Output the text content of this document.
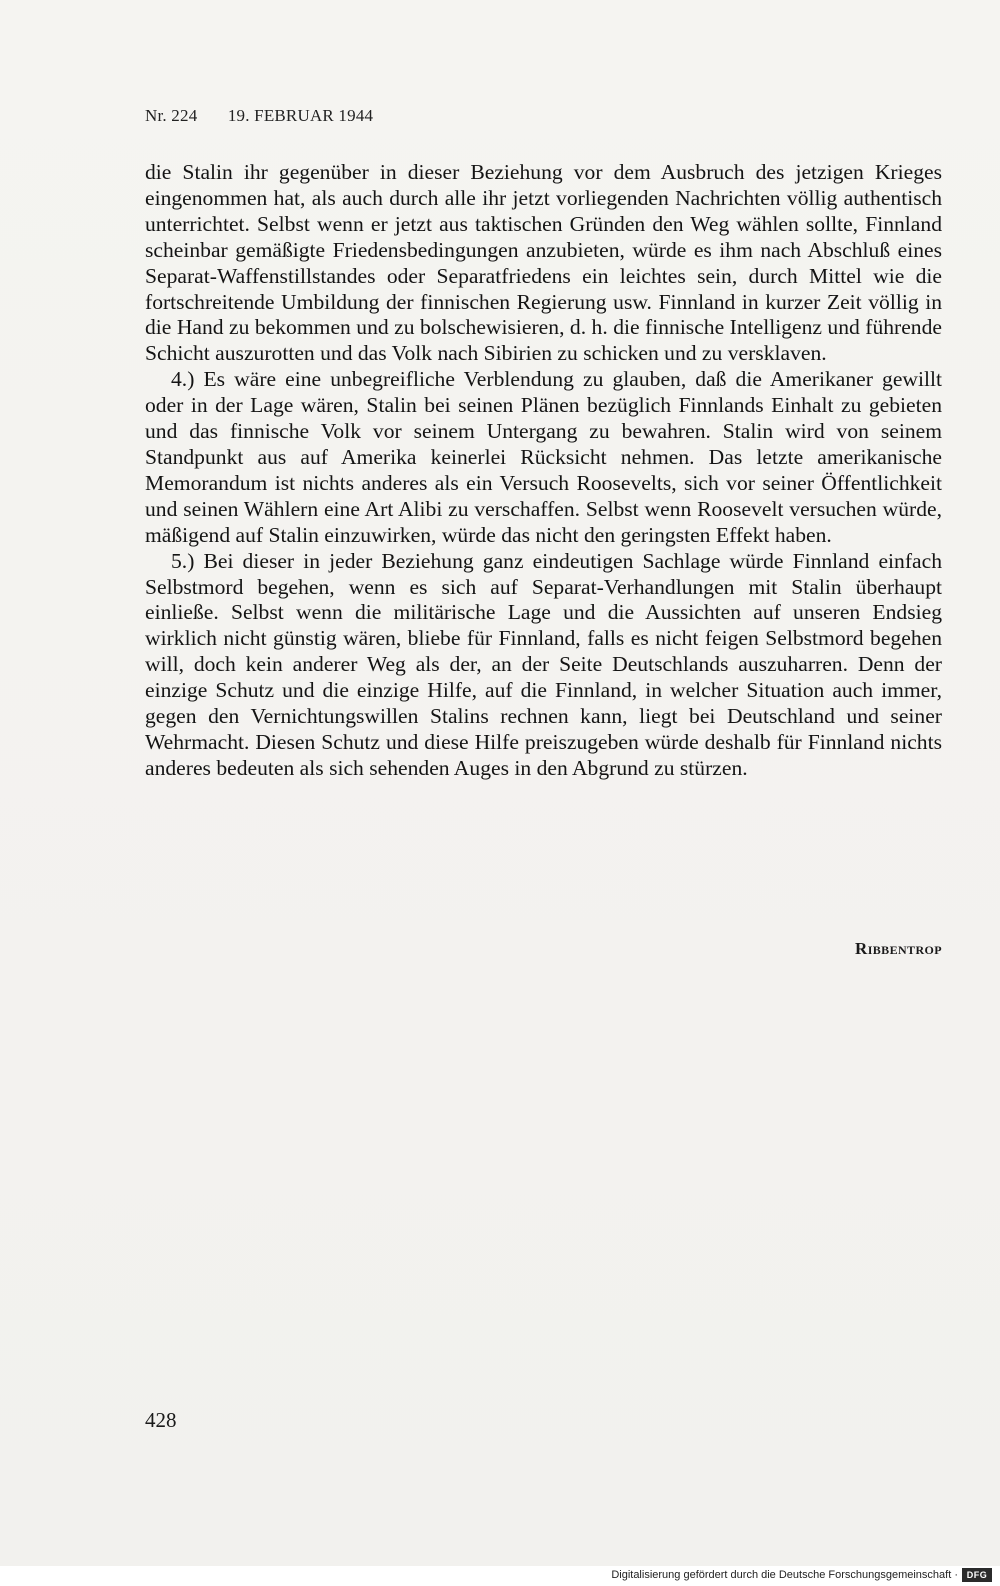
Nr. 224 19. FEBRUAR 1944

die Stalin ihr gegenüber in dieser Beziehung vor dem Ausbruch des jetzigen Krieges eingenommen hat, als auch durch alle ihr jetzt vorliegenden Nachrichten völlig authentisch unterrichtet. Selbst wenn er jetzt aus taktischen Gründen den Weg wählen sollte, Finnland scheinbar gemäßigte Friedensbedingungen anzubieten, würde es ihm nach Abschluß eines Separat-Waffenstillstandes oder Separatfriedens ein leichtes sein, durch Mittel wie die fortschreitende Umbildung der finnischen Regierung usw. Finnland in kurzer Zeit völlig in die Hand zu bekommen und zu bolschewisieren, d. h. die finnische Intelligenz und führende Schicht auszurotten und das Volk nach Sibirien zu schicken und zu versklaven.

4.) Es wäre eine unbegreifliche Verblendung zu glauben, daß die Amerikaner gewillt oder in der Lage wären, Stalin bei seinen Plänen bezüglich Finnlands Einhalt zu gebieten und das finnische Volk vor seinem Untergang zu bewahren. Stalin wird von seinem Standpunkt aus auf Amerika keinerlei Rücksicht nehmen. Das letzte amerikanische Memorandum ist nichts anderes als ein Versuch Roosevelts, sich vor seiner Öffentlichkeit und seinen Wählern eine Art Alibi zu verschaffen. Selbst wenn Roosevelt versuchen würde, mäßigend auf Stalin einzuwirken, würde das nicht den geringsten Effekt haben.

5.) Bei dieser in jeder Beziehung ganz eindeutigen Sachlage würde Finnland einfach Selbstmord begehen, wenn es sich auf Separat-Verhandlungen mit Stalin überhaupt einließe. Selbst wenn die militärische Lage und die Aussichten auf unseren Endsieg wirklich nicht günstig wären, bliebe für Finnland, falls es nicht feigen Selbstmord begehen will, doch kein anderer Weg als der, an der Seite Deutschlands auszuharren. Denn der einzige Schutz und die einzige Hilfe, auf die Finnland, in welcher Situation auch immer, gegen den Vernichtungswillen Stalins rechnen kann, liegt bei Deutschland und seiner Wehrmacht. Diesen Schutz und diese Hilfe preiszugeben würde deshalb für Finnland nichts anderes bedeuten als sich sehenden Auges in den Abgrund zu stürzen.

Ribbentrop
428
Digitalisierung gefördert durch die Deutsche Forschungsgemeinschaft · DFG
